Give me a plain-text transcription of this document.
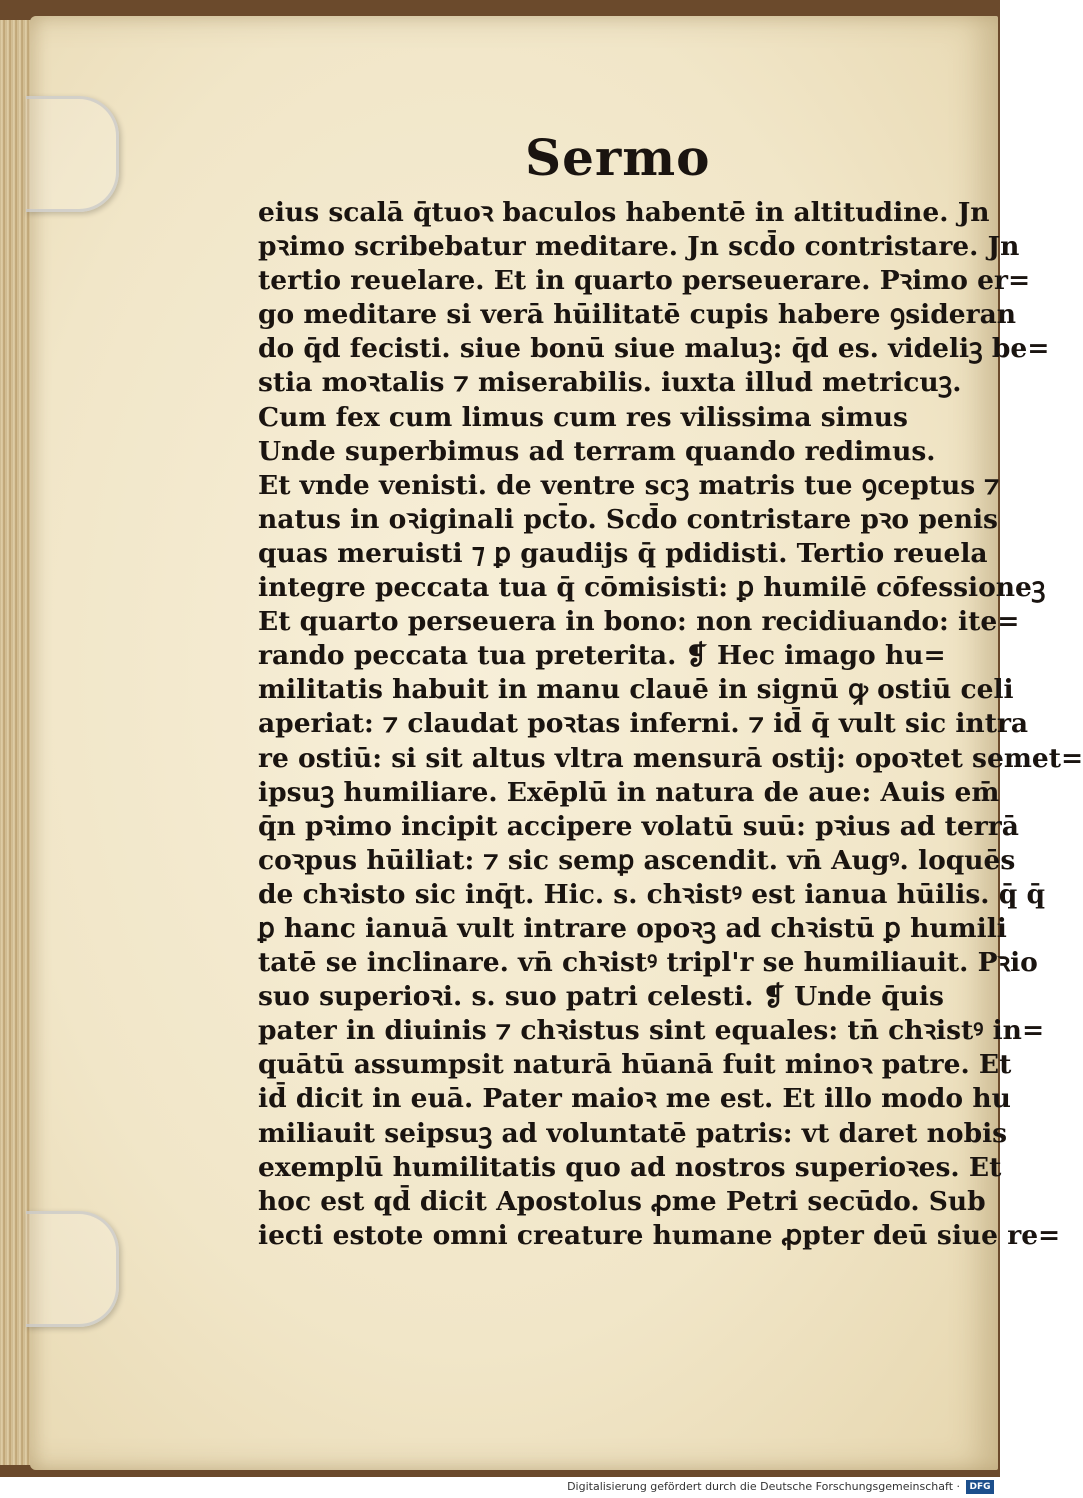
Sermo
eius scalā q̄tuoꝛ baculos habentē in altitudine. Jn
pꝛimo scribebatur meditare. Jn scd̄o contristare. Jn
tertio reuelare. Et in quarto perseuerare. Pꝛimo er=
go meditare si verā hūilitatē cupis habere ꝯsideran
do q̄d fecisti. siue bonū siue maluꝫ: q̄d es. videliꝫ be=
stia moꝛtalis ⁊ miserabilis. iuxta illud metricuꝫ.
Cum fex cum limus cum res vilissima simus
Unde superbimus ad terram quando redimus.
Et vnde venisti. de ventre scꝫ matris tue ꝯceptus ⁊
natus in oꝛiginali pct̄o. Scd̄o contristare pꝛo penis
quas meruisti ⁊ ꝑ gaudijs q̄ pdidisti. Tertio reuela
integre peccata tua q̄ cōmisisti: ꝑ humilē cōfessioneꝫ
Et quarto perseuera in bono: non recidiuando: ite=
rando peccata tua preterita. ❡ Hec imago hu=
militatis habuit in manu clauē in signū ꝙ ostiū celi
aperiat: ⁊ claudat poꝛtas inferni. ⁊ id̄ q̄ vult sic intra
re ostiū: si sit altus vltra mensurā ostij: opoꝛtet semet=
ipsuꝫ humiliare. Exēplū in natura de aue: Auis em̄
q̄n pꝛimo incipit accipere volatū suū: pꝛius ad terrā
coꝛpus hūiliat: ⁊ sic semꝑ ascendit. vn̄ Augꝰ. loquēs
de chꝛisto sic inq̄t. Hic. s. chꝛistꝰ est ianua hūilis. q̄ q̄
ꝑ hanc ianuā vult intrare opoꝛꝫ ad chꝛistū ꝑ humili
tatē se inclinare. vn̄ chꝛistꝰ tripl'r se humiliauit. Pꝛio
suo superioꝛi. s. suo patri celesti. ❡ Unde q̄uis
pater in diuinis ⁊ chꝛistus sint equales: tn̄ chꝛistꝰ in=
quātū assumpsit naturā hūanā fuit minoꝛ patre. Et
id̄ dicit in euā. Pater maioꝛ me est. Et illo modo hu
miliauit seipsuꝫ ad voluntatē patris: vt daret nobis
exemplū humilitatis quo ad nostros superioꝛes. Et
hoc est qd̄ dicit Apostolus ꝓme Petri secūdo. Sub
iecti estote omni creature humane ꝓpter deū siue re=
Digitalisierung gefördert durch die Deutsche Forschungsgemeinschaft ·	DFG
